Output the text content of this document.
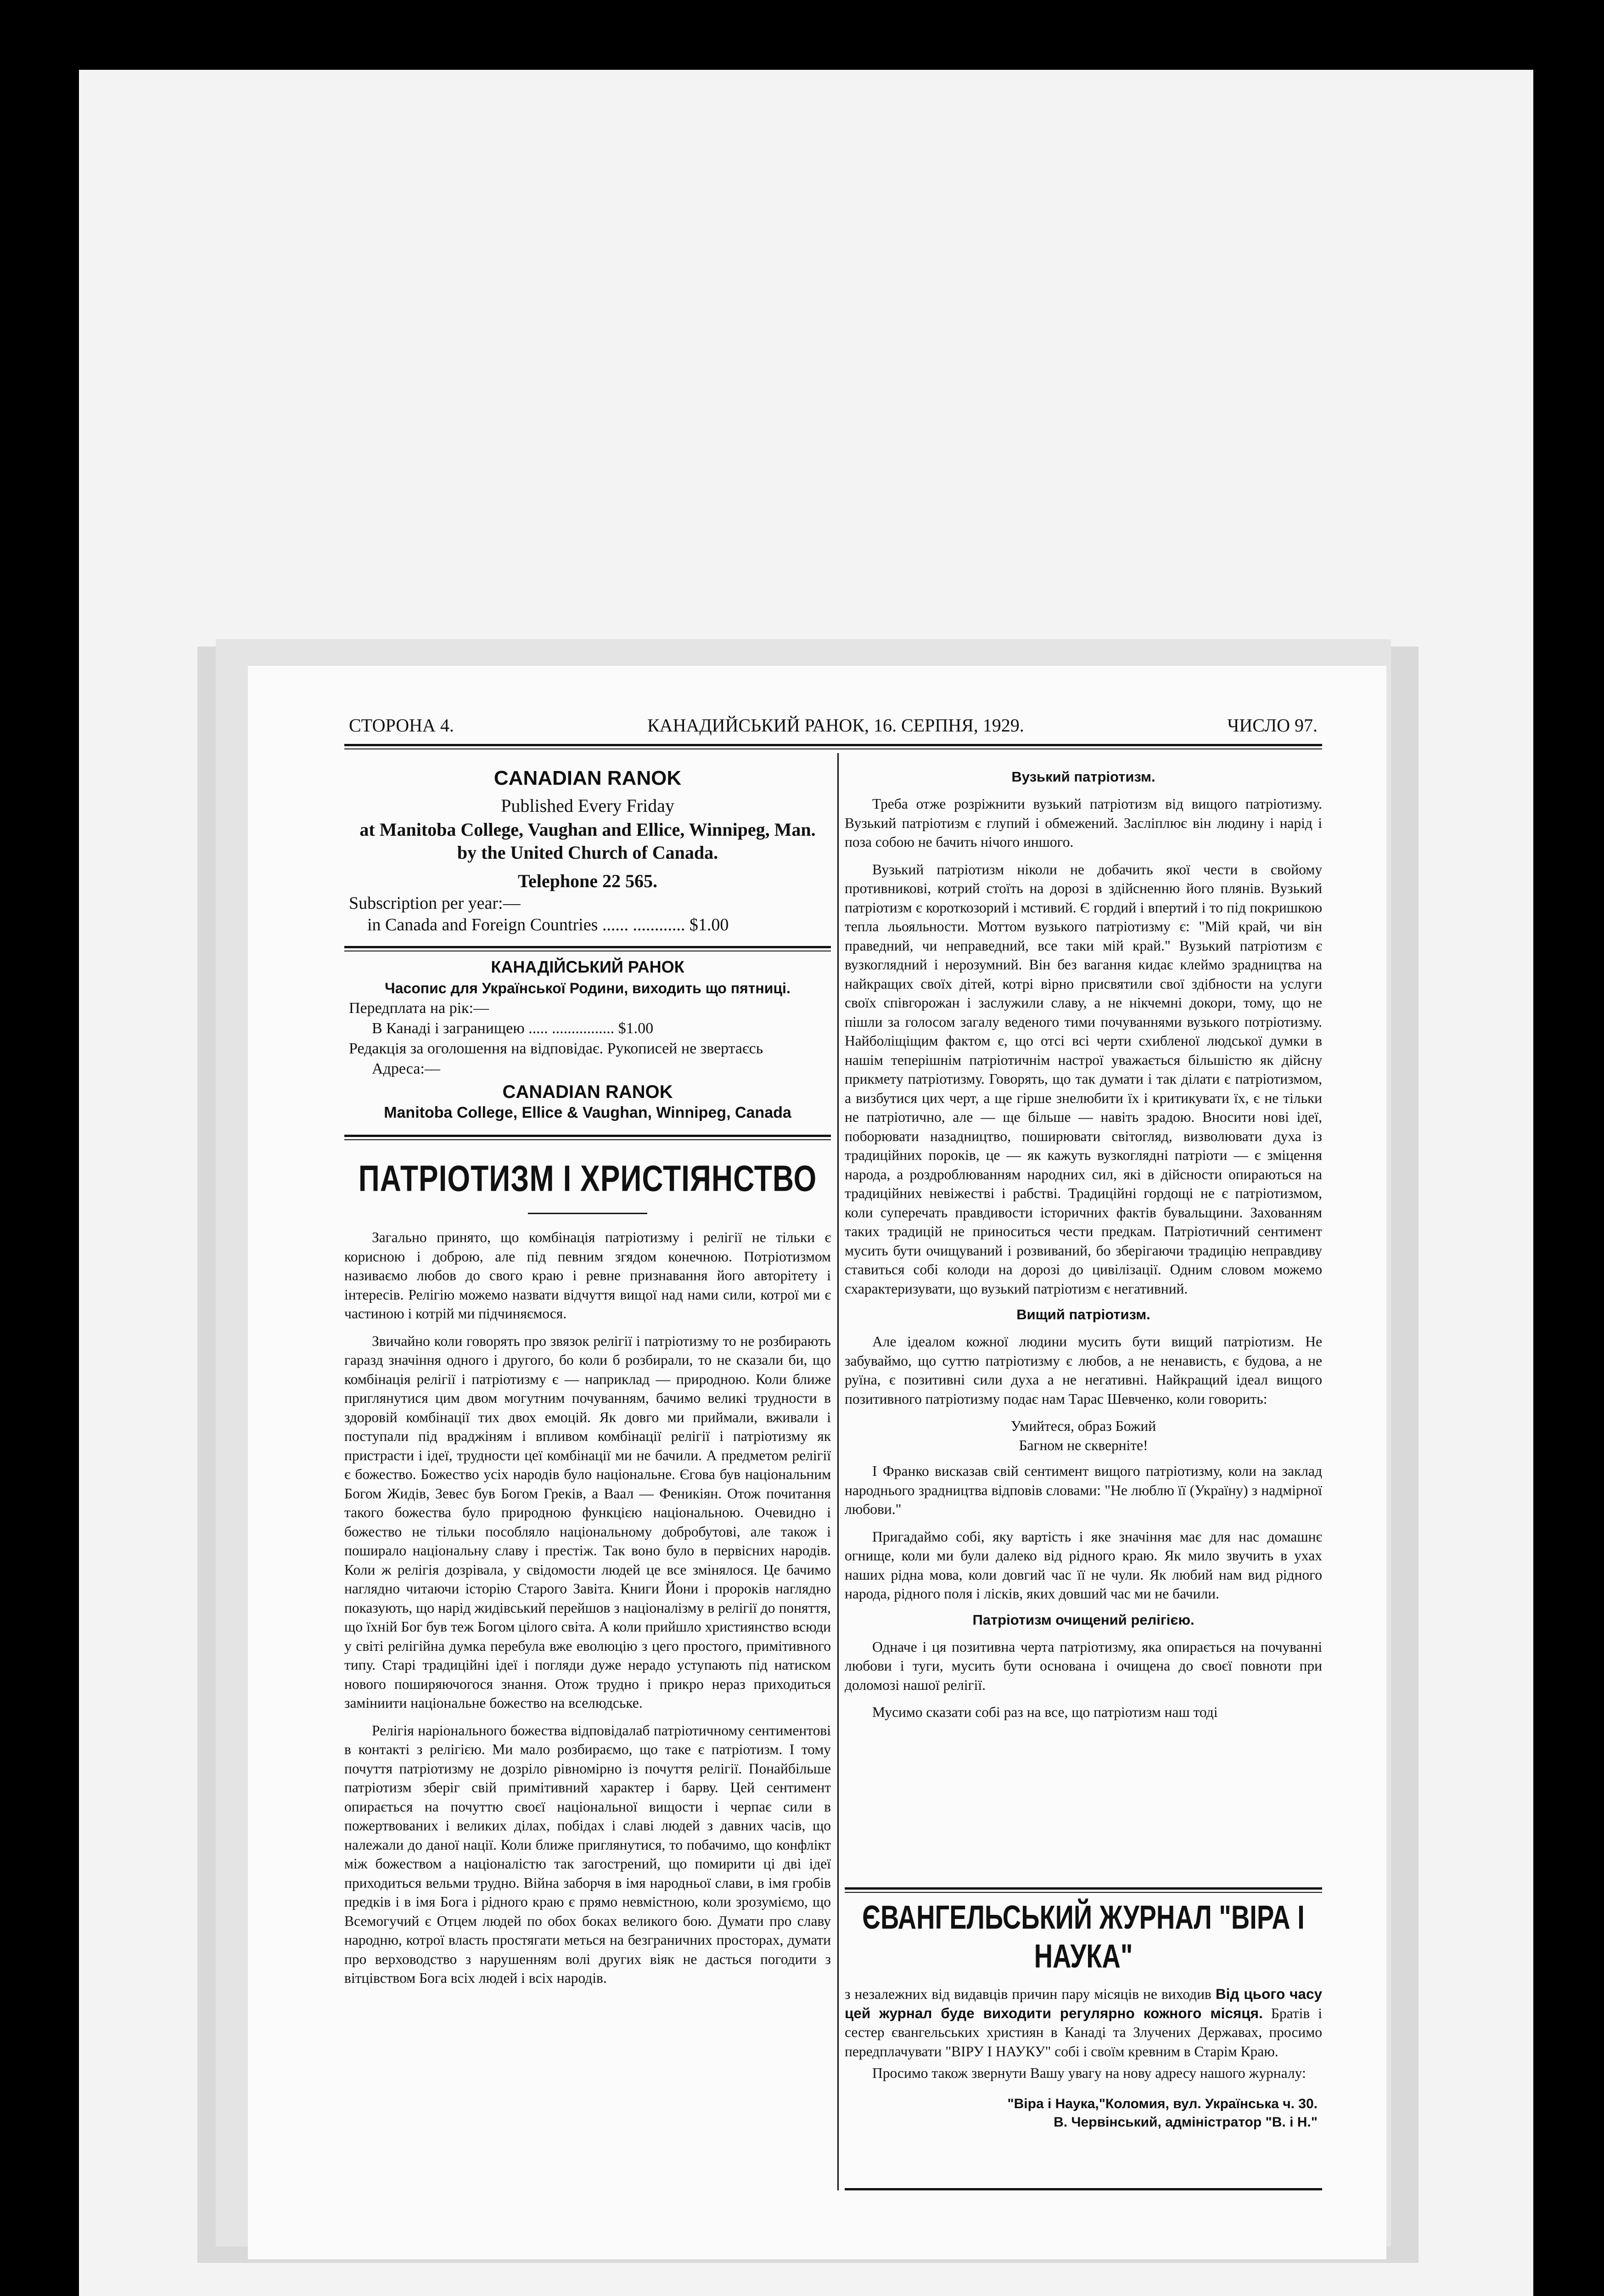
СТОРОНА 4.	КАНАДИЙСЬКИЙ РАНОК, 16. СЕРПНЯ, 1929.	ЧИСЛО 97.
CANADIAN RANOK
Published Every Friday
at Manitoba College, Vaughan and Ellice, Winnipeg, Man.
by the United Church of Canada.
Telephone 22 565.
Subscription per year:—
in Canada and Foreign Countries ...... ............ $1.00
КАНАДІЙСЬКИЙ РАНОК
Часопис для Української Родини, виходить що пятниці.
Передплата на рік:—
В Канаді і загранищею ..... ................ $1.00
Редакція за оголошення на відповідає. Рукописей не звертаєсь
Адреса:—
CANADIAN RANOK
Manitoba College, Ellice & Vaughan, Winnipeg, Canada
ПАТРІОТИЗМ І ХРИСТІЯНСТВО

Загально принято, що комбінація патріотизму і релігії не тільки є корисною і доброю, але під певним згядом конечною. Потріотизмом називаємо любов до свого краю і ревне признавання його авторітету і інтересів. Релігію можемо назвати відчуття вищої над нами сили, котрої ми є частиною і котрій ми підчиняємося.

Звичайно коли говорять про звязок релігії і патріотизму то не розбирають гаразд значіння одного і другого, бо коли б розбирали, то не сказали би, що комбінація релігії і патріотизму є — наприклад — природною. Коли ближе приглянутися цим двом могутним почуванням, бачимо великі трудности в здоровій комбінації тих двох емоцій. Як довго ми приймали, вживали і поступали під враджіням і впливом комбінації релігії і патріотизму як пристрасти і ідеї, трудности цеї комбінації ми не бачили. А предметом релігії є божество. Божество усіх народів було національне. Єгова був національним Богом Жидів, Зевес був Богом Греків, а Ваал — Феникіян. Отож почитання такого божества було природною функцією національною. Очевидно і божество не тільки пособляло національному добробутові, але також і поширало національну славу і престіж. Так воно було в первісних народів. Коли ж релігія дозрівала, у свідомости людей це все змінялося. Це бачимо наглядно читаючи історію Старого Завіта. Книги Йони і пророків наглядно показують, що нарід жидівський перейшов з націоналізму в релігії до поняття, що їхній Бог був теж Богом цілого світа. А коли прийшло християнство всюди у світі релігійна думка перебула вже еволюцію з цего простого, примітивного типу. Старі традиційні ідеї і погляди дуже нерадо уступають під натиском нового поширяючогося знання. Отож трудно і прикро нераз приходиться заміниити національне божество на вселюдське.

Релігія наріонального божества відповідалаб патріотичному сентиментові в контакті з релігією. Ми мало розбираємо, що таке є патріотизм. І тому почуття патріотизму не дозріло рівномірно із почуття релігії. Понайбільше патріотизм зберіг свій примітивний характер і барву. Цей сентимент опирається на почуттю своєї національної вищости і черпає сили в пожертвованих і великих ділах, побідах і славі людей з давних часів, що належали до даної нації. Коли ближе приглянутися, то побачимо, що конфлікт між божеством а націоналістю так загострений, що помирити ці дві ідеї приходиться вельми трудно. Війна заборчя в імя народньої слави, в імя гробів предків і в імя Бога і рідного краю є прямо невмістною, коли зрозуміємо, що Всемогучий є Отцем людей по обох боках великого бою. Думати про славу народню, котрої власть простягати меться на безграничних просторах, думати про верховодство з нарушенням волі других віяк не дасться погодити з вітцівством Бога всіх людей і всіх народів.

Вузький патріотизм.

Треба отже розріжнити вузький патріотизм від вищого патріотизму. Вузький патріотизм є глупий і обмежений. Засліплює він людину і нарід і поза собою не бачить нічого иншого.

Вузький патріотизм ніколи не добачить якої чести в свойому противникові, котрий стоїть на дорозі в здійсненню його плянів. Вузький патріотизм є короткозорий і мстивий. Є гордий і впертий і то під покришкою тепла льояльности. Моттом вузького патріотизму є: "Мій край, чи він праведний, чи неправедний, все таки мій край." Вузький патріотизм є вузкоглядний і нерозумний. Він без вагання кидає клеймо зрадництва на найкращих своїх дітей, котрі вірно присвятили свої здібности на услуги своїх співгорожан і заслужили славу, а не нікчемні докори, тому, що не пішли за голосом загалу веденого тими почуваннями вузького потріотизму. Найболіщіщим фактом є, що отсі всі черти схибленої людської думки в нашім теперішнім патріотичнім настрої уважається більшістю як дійсну прикмету патріотизму. Говорять, що так думати і так ділати є патріотизмом, а визбутися цих черт, а ще гірше знелюбити їх і критикувати їх, є не тільки не патріотично, але — ще більше — навіть зрадою. Вносити нові ідеї, поборювати назадництво, поширювати світогляд, визволювати духа із традиційних пороків, це — як кажуть вузкоглядні патріоти — є зміцення народа, а роздроблюванням народних сил, які в дійсности опираються на традиційних невіжестві і рабстві. Традиційні гордощі не є патріотизмом, коли суперечать правдивости історичних фактів бувальщини. Захованням таких традицій не приноситься чести предкам. Патріотичний сентимент мусить бути очищуваний і розвиваний, бо зберігаючи традицію неправдиву ставиться собі колоди на дорозі до цивілізації. Одним словом можемо схарактеризувати, що вузький патріотизм є негативний.

Вищий патріотизм.

Але ідеалом кожної людини мусить бути вищий патріотизм. Не забуваймо, що суттю патріотизму є любов, а не ненависть, є будова, а не руїна, є позитивні сили духа а не негативні. Найкращий ідеал вищого позитивного патріотизму подає нам Тарас Шевченко, коли говорить:

Умийтеся, образ Божий
Багном не скверніте!

І Франко висказав свій сентимент вищого патріотизму, коли на заклад народнього зрадництва відповів словами: "Не люблю її (Україну) з надмірної любови."

Пригадаймо собі, яку вартість і яке значіння має для нас домашнє огнище, коли ми були далеко від рідного краю. Як мило звучить в ухах наших рідна мова, коли довгий час її не чули. Як любий нам вид рідного народа, рідного поля і лісків, яких довший час ми не бачили.

Патріотизм очищений релігією.

Одначе і ця позитивна черта патріотизму, яка опирається на почуванні любови і туги, мусить бути основана і очищена до своєї повноти при доломозі нашої релігії.

Мусимо сказати собі раз на все, що патріотизм наш тоді

ЄВАНГЕЛЬСЬКИЙ ЖУРНАЛ "ВІРА І НАУКА"

з незалежних від видавців причин пару місяців не виходив Від цього часу цей журнал буде виходити регулярно кожного місяця. Братів і сестер євангельських християн в Канаді та Злучених Державах, просимо передплачувати "ВІРУ І НАУКУ" собі і своїм кревним в Старім Краю.

Просимо також звернути Вашу увагу на нову адресу нашого журналу:

"Віра і Наука,"Коломия, вул. Українська ч. 30.
В. Червінський, адміністратор "В. і Н."
